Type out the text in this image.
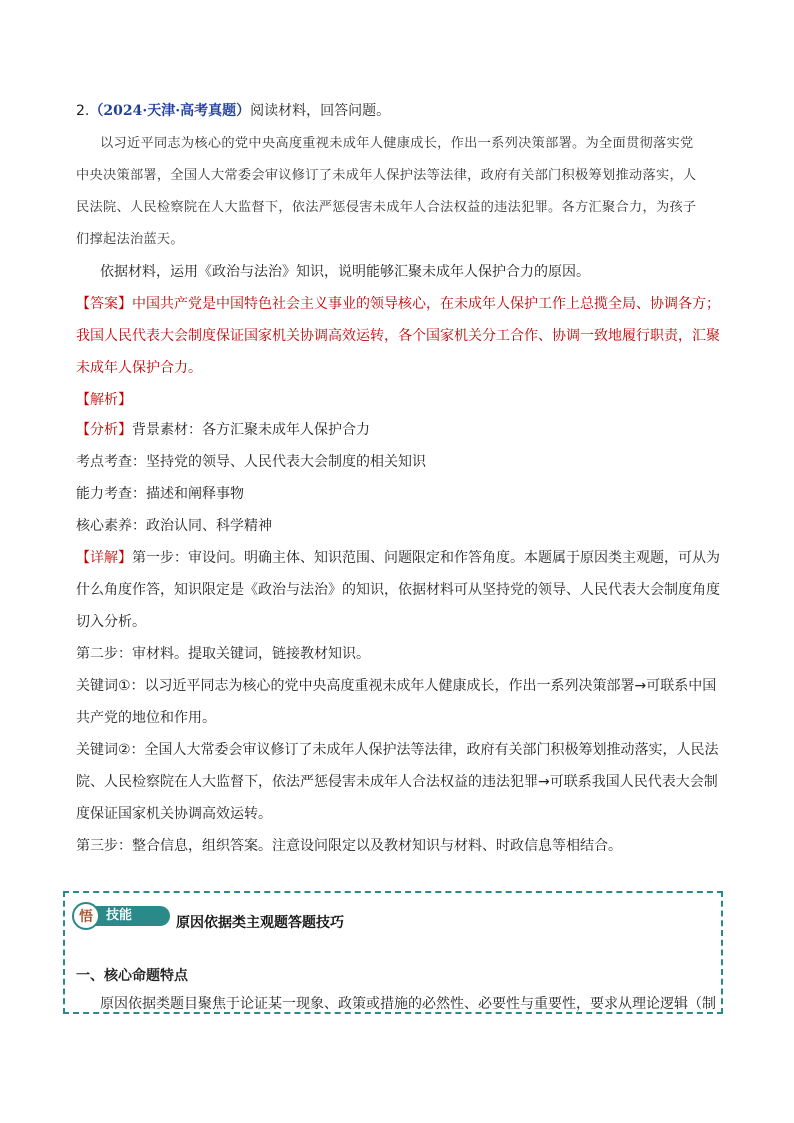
2.（2024·天津·高考真题）阅读材料，回答问题。
以习近平同志为核心的党中央高度重视未成年人健康成长，作出一系列决策部署。为全面贯彻落实党
中央决策部署，全国人大常委会审议修订了未成年人保护法等法律，政府有关部门积极筹划推动落实，人
民法院、人民检察院在人大监督下，依法严惩侵害未成年人合法权益的违法犯罪。各方汇聚合力，为孩子
们撑起法治蓝天。
依据材料，运用《政治与法治》知识，说明能够汇聚未成年人保护合力的原因。
【答案】中国共产党是中国特色社会主义事业的领导核心，在未成年人保护工作上总揽全局、协调各方；
我国人民代表大会制度保证国家机关协调高效运转，各个国家机关分工合作、协调一致地履行职责，汇聚
未成年人保护合力。
【解析】
【分析】背景素材：各方汇聚未成年人保护合力
考点考查：坚持党的领导、人民代表大会制度的相关知识
能力考查：描述和阐释事物
核心素养：政治认同、科学精神
【详解】第一步：审设问。明确主体、知识范围、问题限定和作答角度。本题属于原因类主观题，可从为
什么角度作答，知识限定是《政治与法治》的知识，依据材料可从坚持党的领导、人民代表大会制度角度
切入分析。
第二步：审材料。提取关键词，链接教材知识。
关键词①：以习近平同志为核心的党中央高度重视未成年人健康成长，作出一系列决策部署→可联系中国
共产党的地位和作用。
关键词②：全国人大常委会审议修订了未成年人保护法等法律，政府有关部门积极筹划推动落实，人民法
院、人民检察院在人大监督下，依法严惩侵害未成年人合法权益的违法犯罪→可联系我国人民代表大会制
度保证国家机关协调高效运转。
第三步：整合信息，组织答案。注意设问限定以及教材知识与材料、时政信息等相结合。
技能
悟	原因依据类主观题答题技巧
一、核心命题特点
原因依据类题目聚焦于论证某一现象、政策或措施的必然性、必要性与重要性，要求从理论逻辑（制
